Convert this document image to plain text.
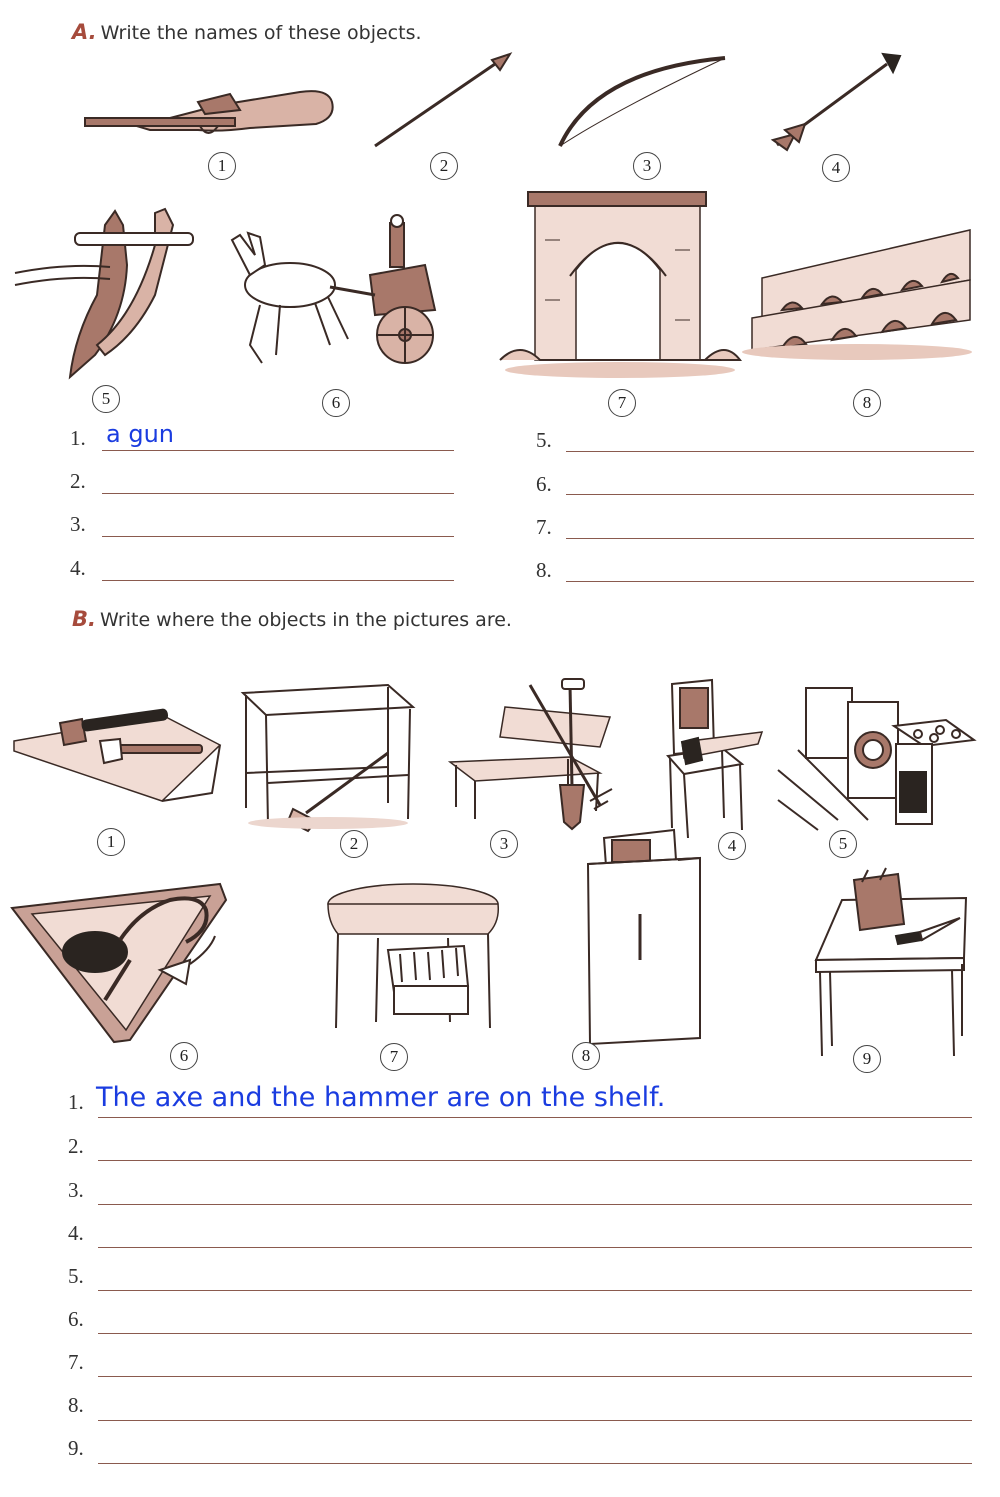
A. Write the names of these objects.
1	2	3	4
5	6	7	8
1. a gun
2.
3.
4.
5.
6.
7.
8.
B. Write where the objects in the pictures are.
1	2	3	4	5
6	7	8	9
1. The axe and the hammer are on the shelf.
2.
3.
4.
5.
6.
7.
8.
9.
